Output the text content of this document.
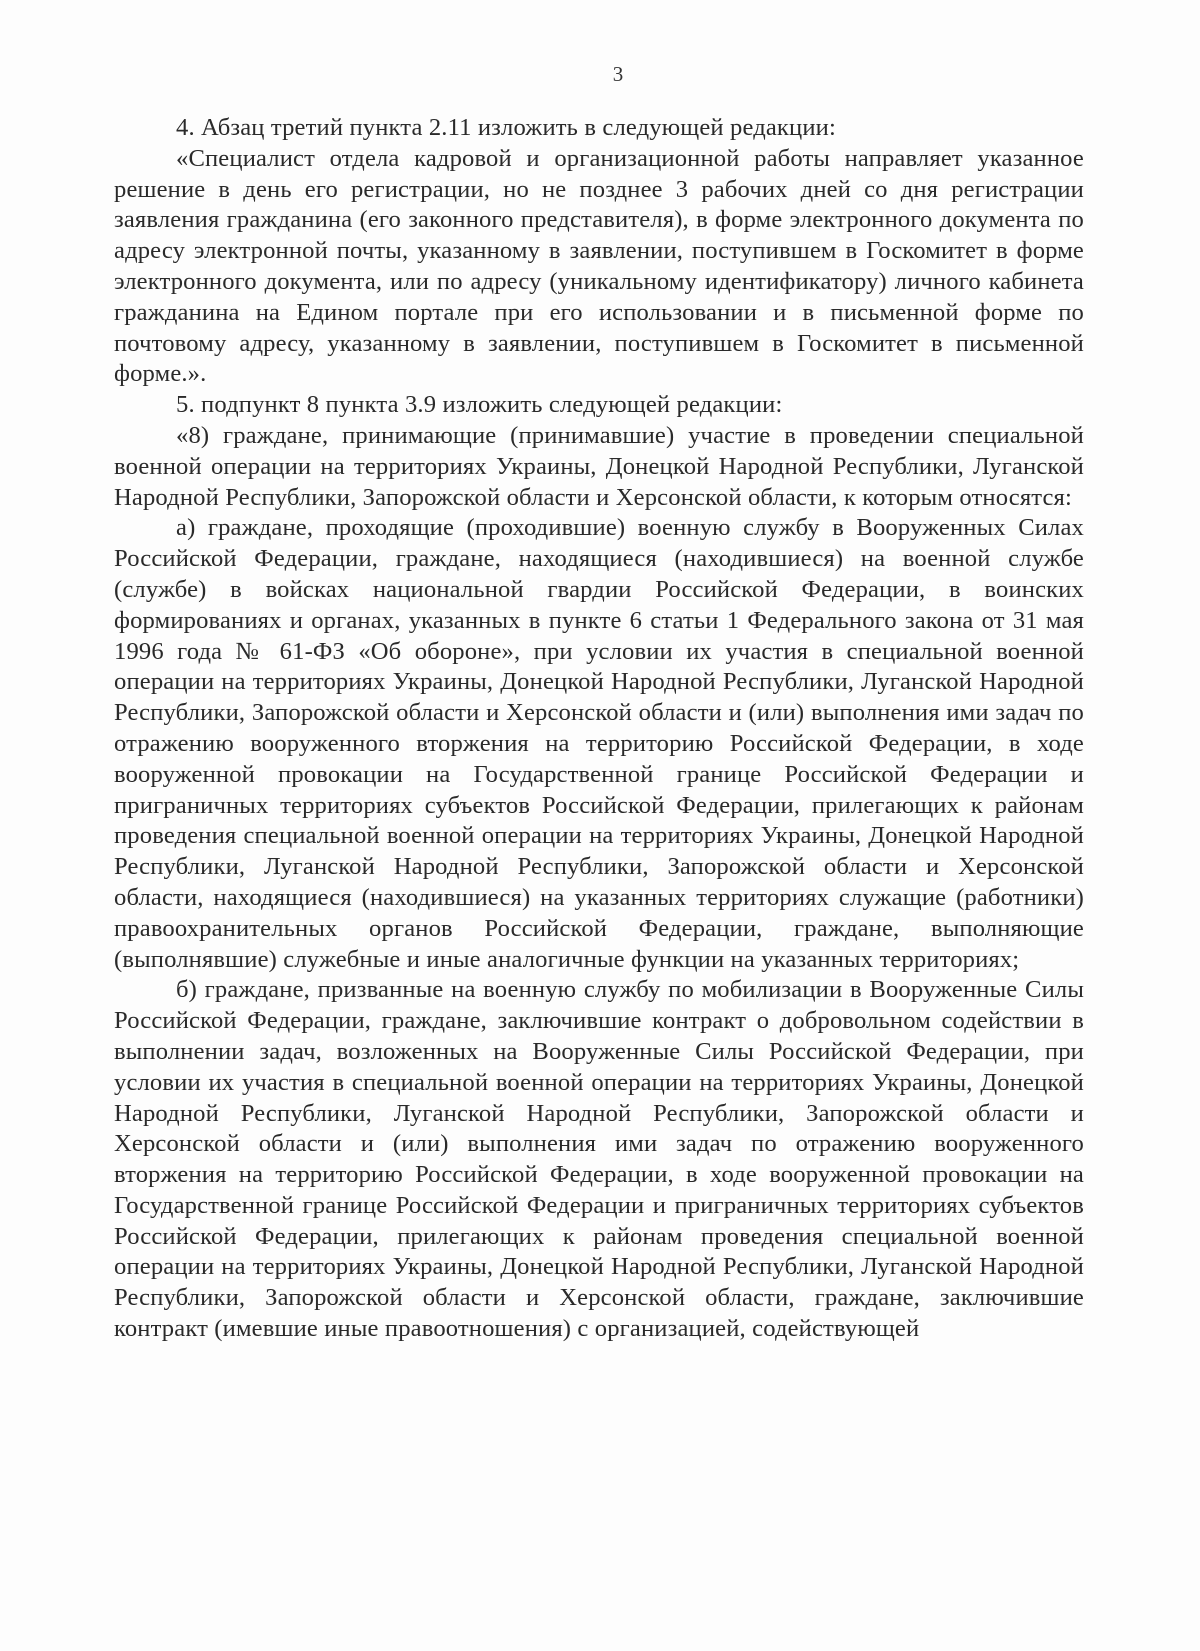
3

4. Абзац третий пункта 2.11 изложить в следующей редакции:

«Специалист отдела кадровой и организационной работы направляет указанное решение в день его регистрации, но не позднее 3 рабочих дней со дня регистрации заявления гражданина (его законного представителя), в форме электронного документа по адресу электронной почты, указанному в заявлении, поступившем в Госкомитет в форме электронного документа, или по адресу (уникальному идентификатору) личного кабинета гражданина на Едином портале при его использовании и в письменной форме по почтовому адресу, указанному в заявлении, поступившем в Госкомитет в письменной форме.».

5. подпункт 8 пункта 3.9 изложить следующей редакции:

«8) граждане, принимающие (принимавшие) участие в проведении специальной военной операции на территориях Украины, Донецкой Народной Республики, Луганской Народной Республики, Запорожской области и Херсонской области, к которым относятся:

а) граждане, проходящие (проходившие) военную службу в Вооруженных Силах Российской Федерации, граждане, находящиеся (находившиеся) на военной службе (службе) в войсках национальной гвардии Российской Федерации, в воинских формированиях и органах, указанных в пункте 6 статьи 1 Федерального закона от 31 мая 1996 года № 61-ФЗ «Об обороне», при условии их участия в специальной военной операции на территориях Украины, Донецкой Народной Республики, Луганской Народной Республики, Запорожской области и Херсонской области и (или) выполнения ими задач по отражению вооруженного вторжения на территорию Российской Федерации, в ходе вооруженной провокации на Государственной границе Российской Федерации и приграничных территориях субъектов Российской Федерации, прилегающих к районам проведения специальной военной операции на территориях Украины, Донецкой Народной Республики, Луганской Народной Республики, Запорожской области и Херсонской области, находящиеся (находившиеся) на указанных территориях служащие (работники) правоохранительных органов Российской Федерации, граждане, выполняющие (выполнявшие) служебные и иные аналогичные функции на указанных территориях;

б) граждане, призванные на военную службу по мобилизации в Вооруженные Силы Российской Федерации, граждане, заключившие контракт о добровольном содействии в выполнении задач, возложенных на Вооруженные Силы Российской Федерации, при условии их участия в специальной военной операции на территориях Украины, Донецкой Народной Республики, Луганской Народной Республики, Запорожской области и Херсонской области и (или) выполнения ими задач по отражению вооруженного вторжения на территорию Российской Федерации, в ходе вооруженной провокации на Государственной границе Российской Федерации и приграничных территориях субъектов Российской Федерации, прилегающих к районам проведения специальной военной операции на территориях Украины, Донецкой Народной Республики, Луганской Народной Республики, Запорожской области и Херсонской области, граждане, заключившие контракт (имевшие иные правоотношения) с организацией, содействующей
